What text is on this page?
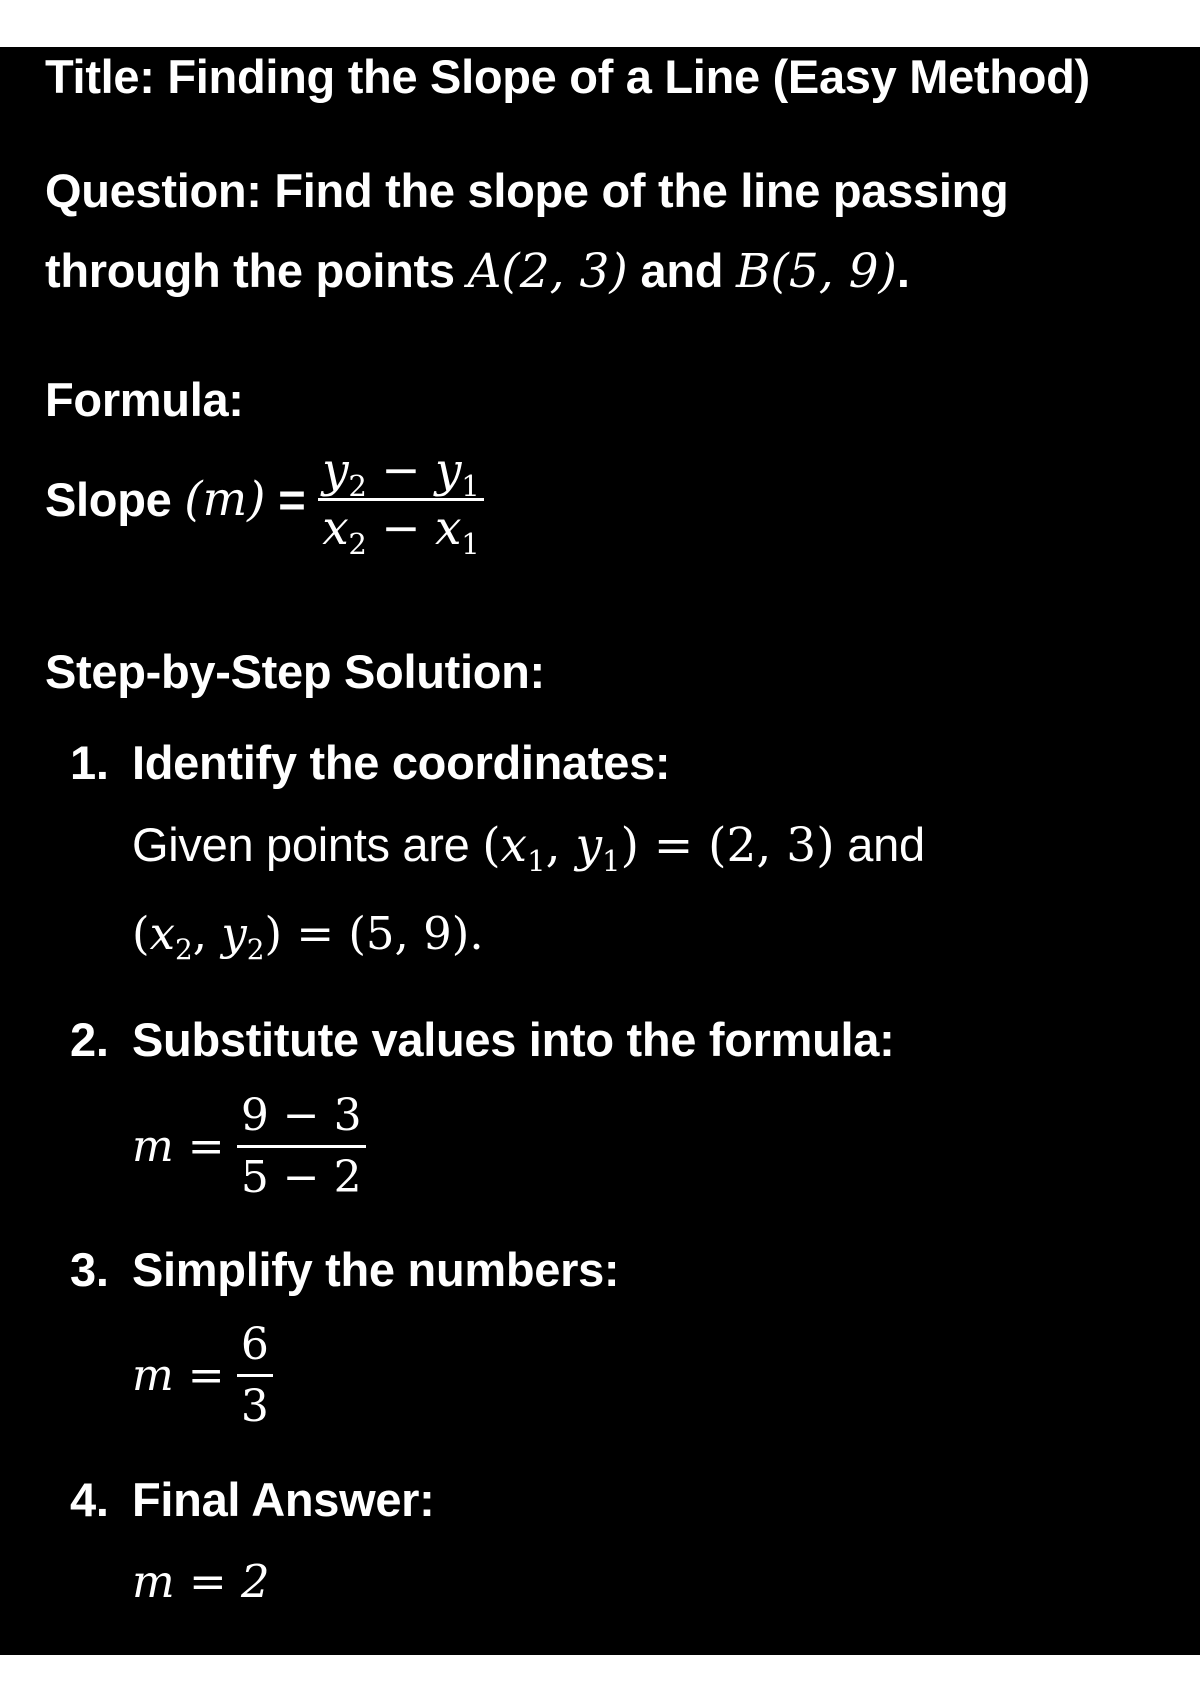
Title: Finding the Slope of a Line (Easy Method)
Question: Find the slope of the line passing
through the points A(2, 3) and B(5, 9).
Formula:
Slope $(m) = \frac{y_2 - y_1}{x_2 - x_1}$
Step-by-Step Solution:
1. Identify the coordinates:
Given points are ($x_1$, $y_1) = (2$, 3) and
($x_2$, $y_2) = (5$, 9).
2. Substitute values into the formula:
$m = \frac{9 - 3}{5 - 2}$
3. Simplify the numbers:
$m = \frac{6}{3}$
4. Final Answer:
m = 2
